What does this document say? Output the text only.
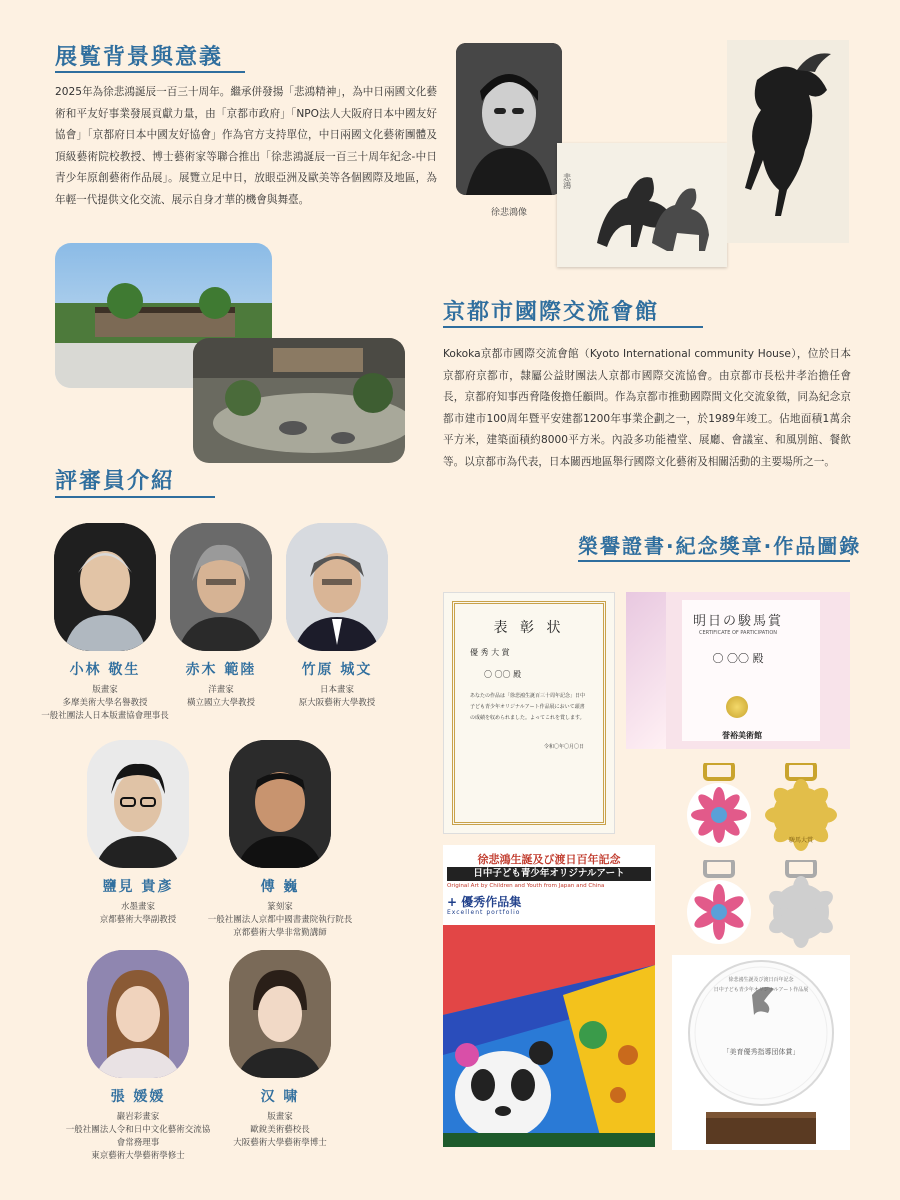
展覧背景與意義

2025年為徐悲鴻誕辰一百三十周年。繼承併發揚「悲鴻精神」，為中日兩國文化藝術和平友好事業發展貢獻力量，由「京都市政府」「NPO法人大阪府日本中國友好協會」「京都府日本中國友好協會」作為官方支持單位，中日兩國文化藝術團體及頂級藝術院校教授、博士藝術家等聯合推出「徐悲鴻誕辰一百三十周年紀念-中日青少年原創藝術作品展」。展覽立足中日，放眼亞洲及歐美等各個國際及地區，為年輕一代提供文化交流、展示自身才華的機會與舞臺。

徐悲鴻像
悲鴻
京都市國際交流會館

Kokoka京都市國際交流會館（Kyoto International community House），位於日本京都府京都市，隸屬公益財團法人京都市國際交流協會。由京都市長松井孝治擔任會長，京都府知事西脅隆俊擔任顧問。作為京都市推動國際間文化交流象徵，同為紀念京都市建市100周年暨平安建都1200年事業企劃之一，於1989年竣工。佔地面積1萬余平方米，建築面積約8000平方米。內設多功能禮堂、展廳、會議室、和風別館、餐飲等。以京都市為代表，日本關西地區舉行國際文化藝術及相關活動的主要場所之一。

評審員介紹
小林 敬生
版畫家
多摩美術大學名譽教授
一般社團法人日本版畫協會理事長
赤木 範陸
洋畫家
橫立國立大學教授
竹原 城文
日本畫家
原大阪藝術大學教授
鹽見 貴彥
水墨畫家
京都藝術大學副教授
傅 巍
篆刻家
一般社團法人京都中國書畫院執行院長
京都藝術大學非常勤講師
張 媛媛
巖岩彩畫家
一般社團法人令和日中文化藝術交流協會常務理事
東京藝術大學藝術學修士
汉 啸
版畫家
歐銳美術藝校長
大阪藝術大學藝術學博士
榮譽證書·紀念獎章·作品圖錄
表 彰 状
優 秀 大 賞
〇 〇〇 殿
あなたの作品は「徐悲鴻生誕百三十周年記念」日中子ども青少年オリジナルアート作品展において頭書の成績を収められました。よってこれを賞します。
令和〇年〇月〇日
明日の駿馬賞
CERTIFICATE OF PARTICIPATION
〇 〇〇 殿
誉裕美術館
駿馬大賞
徐悲鴻生誕及び渡日百年記念
日中子ども青少年オリジナルアート
Original Art by Children and Youth from Japan and China
+ 優秀作品集
Excellent portfolio
徐悲鴻生誕及び渡日百年記念
日中子ども青少年オリジナルアート作品展
「美育優秀指導団体賞」
